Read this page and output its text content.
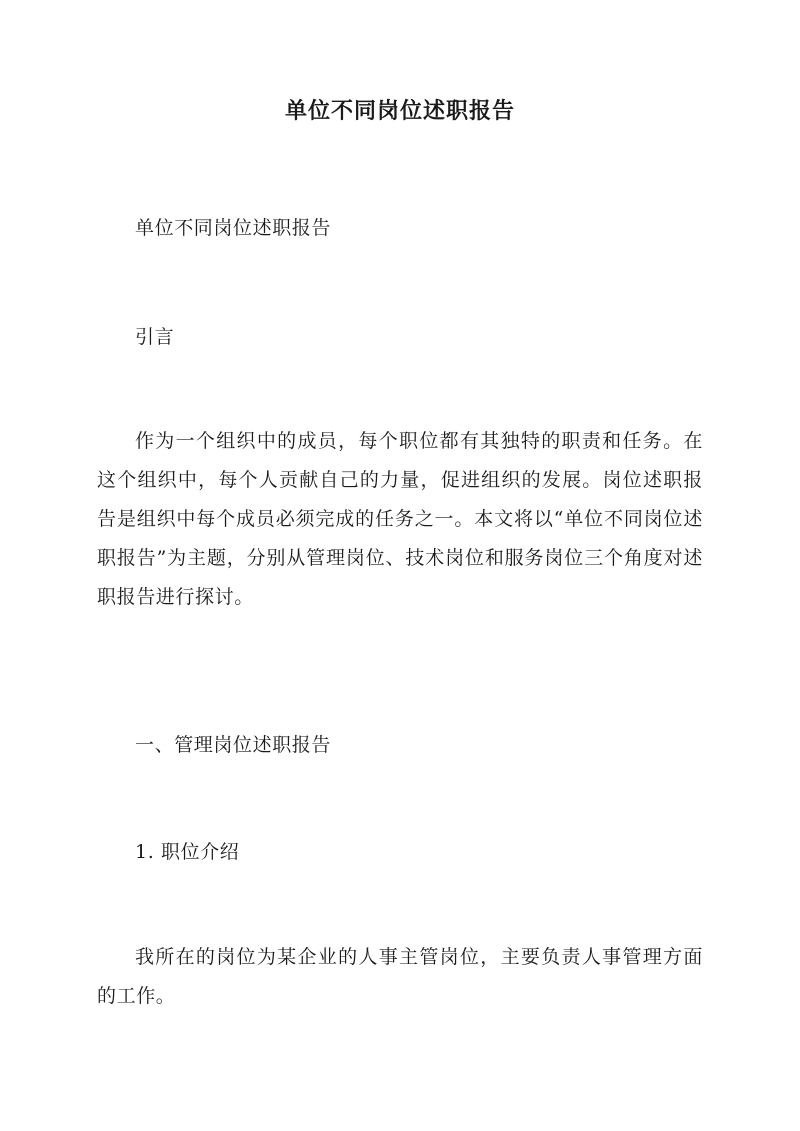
单位不同岗位述职报告

单位不同岗位述职报告

引言

作为一个组织中的成员，每个职位都有其独特的职责和任务。在这个组织中，每个人贡献自己的力量，促进组织的发展。岗位述职报告是组织中每个成员必须完成的任务之一。本文将以“单位不同岗位述职报告”为主题，分别从管理岗位、技术岗位和服务岗位三个角度对述职报告进行探讨。

一、管理岗位述职报告

1. 职位介绍

我所在的岗位为某企业的人事主管岗位，主要负责人事管理方面的工作。
